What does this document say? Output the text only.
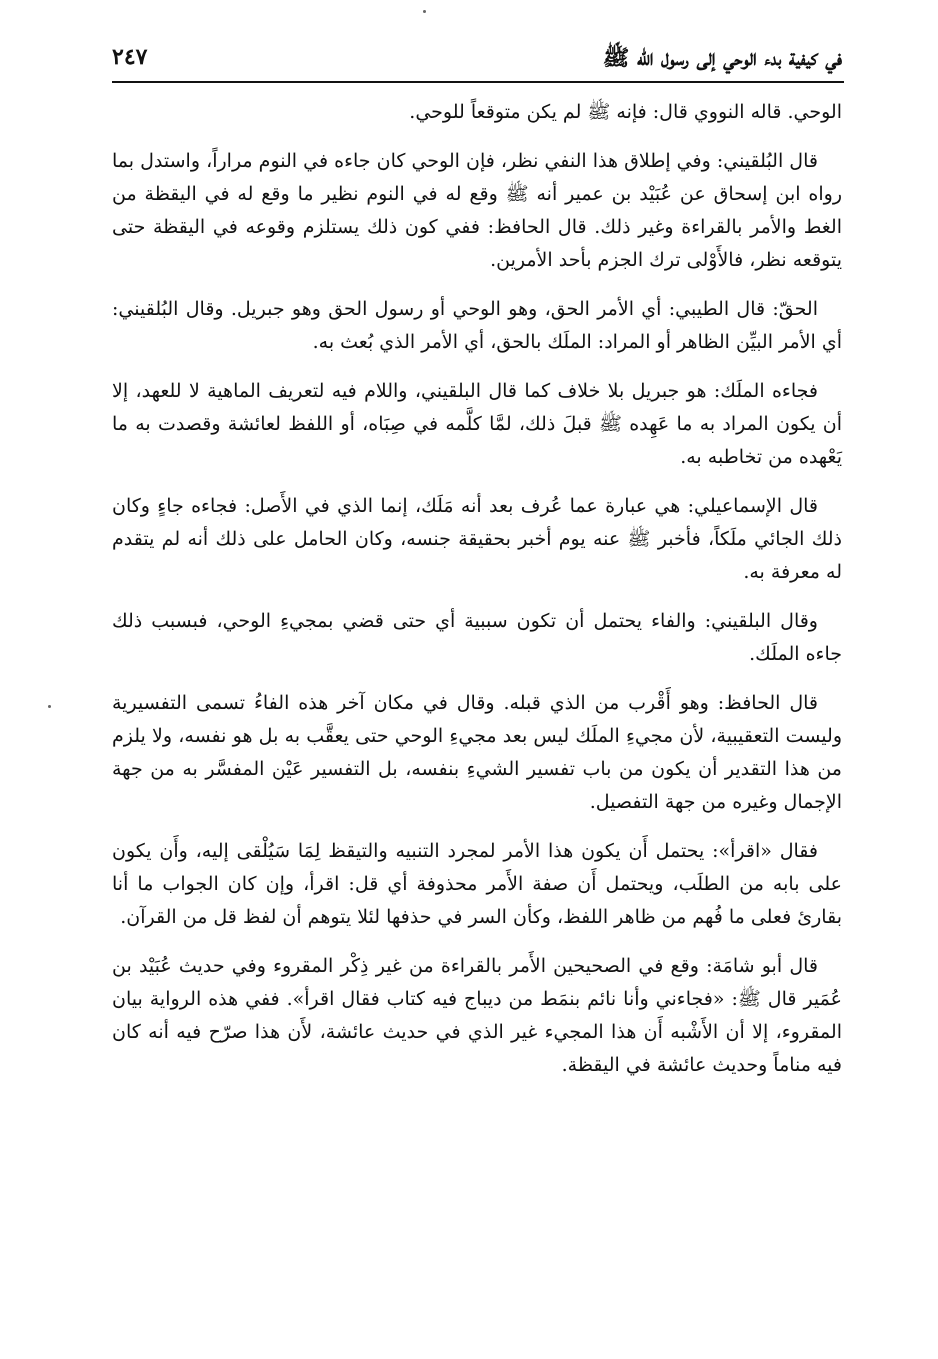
في كيفية بدء الوحي إلى رسول الله ﷺ
٢٤٧

الوحي. قاله النووي قال: فإنه ﷺ لم يكن متوقعاً للوحي.

قال البُلقيني: وفي إطلاق هذا النفي نظر، فإن الوحي كان جاءه في النوم مراراً، واستدل بما رواه ابن إسحاق عن عُبَيْد بن عمير أنه ﷺ وقع له في النوم نظير ما وقع له في اليقظة من الغط والأمر بالقراءة وغير ذلك. قال الحافظ: ففي كون ذلك يستلزم وقوعه في اليقظة حتى يتوقعه نظر، فالأَوْلى ترك الجزم بأحد الأمرين.

الحقّ: قال الطيبي: أي الأمر الحق، وهو الوحي أو رسول الحق وهو جبريل. وقال البُلقيني: أي الأمر البيِّن الظاهر أو المراد: الملَك بالحق، أي الأمر الذي بُعث به.

فجاءه الملَك: هو جبريل بلا خلاف كما قال البلقيني، واللام فيه لتعريف الماهية لا للعهد، إلا أن يكون المراد به ما عَهِده ﷺ قبلَ ذلك، لمَّا كلَّمه في صِبَاه، أو اللفظ لعائشة وقصدت به ما يَعْهده من تخاطبه به.

قال الإسماعيلي: هي عبارة عما عُرف بعد أنه مَلَك، إنما الذي في الأَصل: فجاءه جاءٍ وكان ذلك الجائي ملَكاً، فأخبر ﷺ عنه يوم أخبر بحقيقة جنسه، وكان الحامل على ذلك أنه لم يتقدم له معرفة به.

وقال البلقيني: والفاء يحتمل أن تكون سببية أي حتى قضي بمجيءِ الوحي، فبسبب ذلك جاءه الملَك.

قال الحافظ: وهو أَقْرب من الذي قبله. وقال في مكان آخر هذه الفاءُ تسمى التفسيرية وليست التعقيبية، لأن مجيءِ الملَك ليس بعد مجيءِ الوحي حتى يعقَّب به بل هو نفسه، ولا يلزم من هذا التقدير أن يكون من باب تفسير الشيءِ بنفسه، بل التفسير عَيْن المفسَّر به من جهة الإجمال وغيره من جهة التفصيل.

فقال «اقرأ»: يحتمل أَن يكون هذا الأمر لمجرد التنبيه والتيقظ لِمَا سَيُلْقى إليه، وأَن يكون على بابه من الطلَب، ويحتمل أَن صفة الأَمر محذوفة أي قل: اقرأ، وإن كان الجواب ما أنا بقارئ فعلى ما فُهم من ظاهر اللفظ، وكأن السر في حذفها لئلا يتوهم أن لفظ قل من القرآن.

قال أبو شامَة: وقع في الصحيحين الأَمر بالقراءة من غير ذِكْر المقروء وفي حديث عُبَيْد بن عُمَير قال ﷺ: «فجاءني وأنا نائم بنمَط من ديباج فيه كتاب فقال اقرأ». ففي هذه الرواية بيان المقروء، إلا أن الأَشْبه أَن هذا المجيء غير الذي في حديث عائشة، لأَن هذا صرّح فيه أنه كان فيه مناماً وحديث عائشة في اليقظة.
